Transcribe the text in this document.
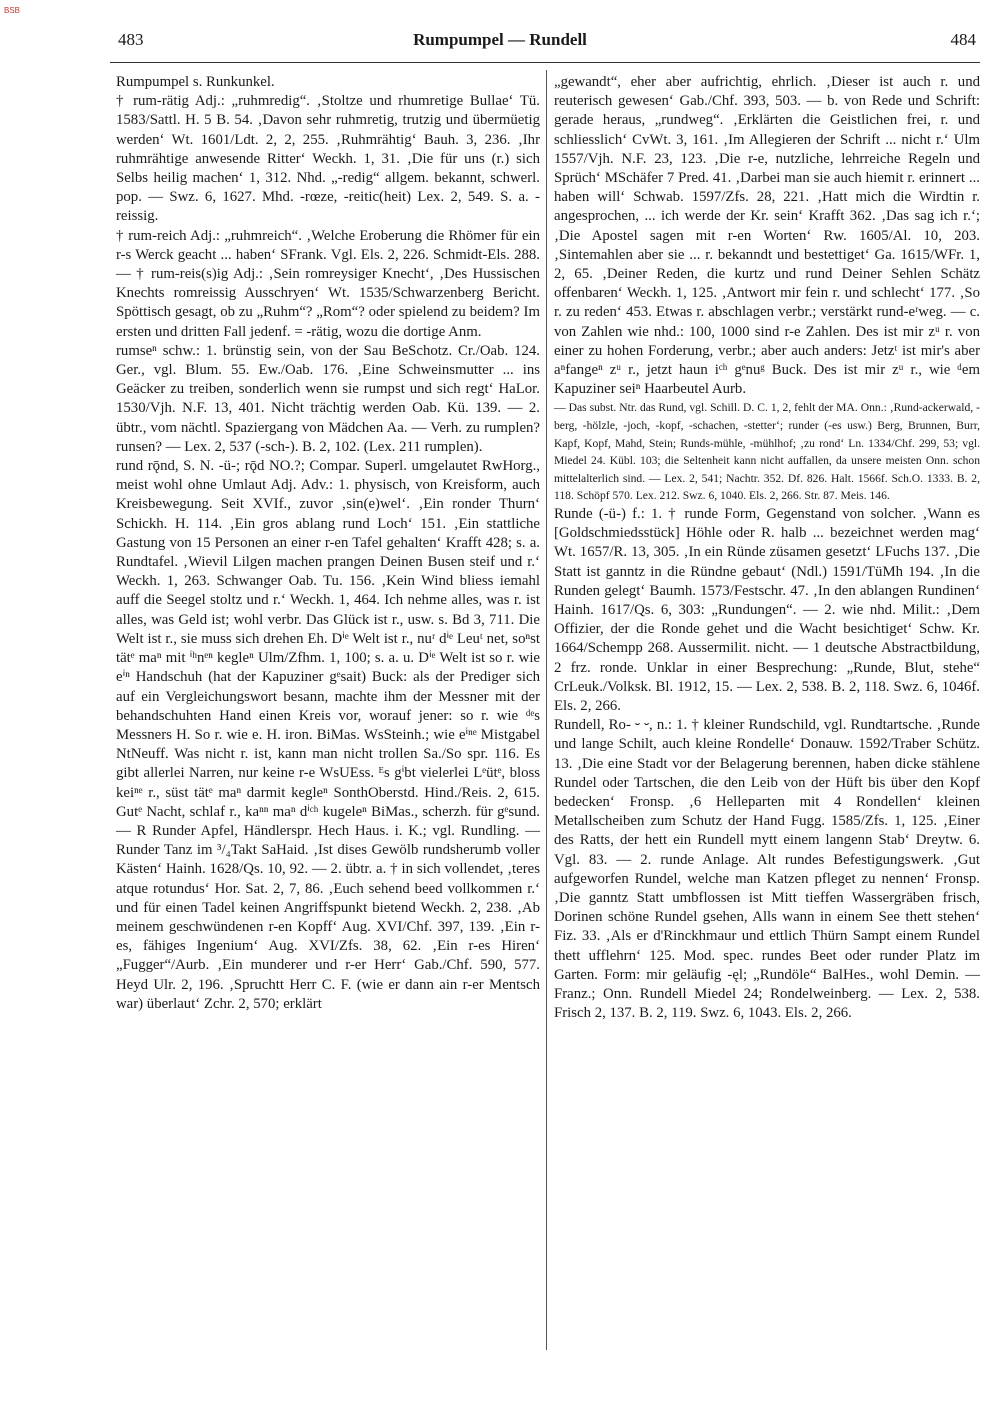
BSB
483	Rumpumpel — Rundell	484

Rumpumpel s. Runkunkel.

† rum-rätig Adj.: „ruhmredig“. ‚Stoltze und rhumretige Bullae‘ Tü. 1583/Sattl. H. 5 B. 54. ‚Davon sehr ruhmretig, trutzig und übermüetig werden‘ Wt. 1601/Ldt. 2, 2, 255. ‚Ruhmrähtig‘ Bauh. 3, 236. ‚Ihr ruhmrähtige anwesende Ritter‘ Weckh. 1, 31. ‚Die für uns (r.) sich Selbs heilig machen‘ 1, 312. Nhd. „-redig“ allgem. bekannt, schwerl. pop. — Swz. 6, 1627. Mhd. -rœze, -reitic(heit) Lex. 2, 549. S. a. -reissig.

† rum-reich Adj.: „ruhmreich“. ‚Welche Eroberung die Rhömer für ein r-s Werck geacht ... haben‘ SFrank. Vgl. Els. 2, 226. Schmidt-Els. 288. — † rum-reis(s)ig Adj.: ‚Sein romreysiger Knecht‘, ‚Des Hussischen Knechts romreissig Ausschryen‘ Wt. 1535/Schwarzenberg Bericht. Spöttisch gesagt, ob zu „Ruhm“? „Rom“? oder spielend zu beidem? Im ersten und dritten Fall jedenf. = -rätig, wozu die dortige Anm.

rumseⁿ schw.: 1. brünstig sein, von der Sau BeSchotz. Cr./Oab. 124. Ger., vgl. Blum. 55. Ew./Oab. 176. ‚Eine Schweinsmutter ... ins Geäcker zu treiben, sonderlich wenn sie rumpst und sich regt‘ HaLor. 1530/Vjh. N.F. 13, 401. Nicht trächtig werden Oab. Kü. 139. — 2. übtr., vom nächtl. Spaziergang von Mädchen Aa. — Verh. zu rumplen? runsen? — Lex. 2, 537 (-sch-). B. 2, 102. (Lex. 211 rumplen).

rund rǭnd, S. N. -ü-; rǭd NO.?; Compar. Superl. umgelautet RwHorg., meist wohl ohne Umlaut Adj. Adv.: 1. physisch, von Kreisform, auch Kreisbewegung. Seit XVIf., zuvor ‚sin(e)wel‘. ‚Ein ronder Thurn‘ Schickh. H. 114. ‚Ein gros ablang rund Loch‘ 151. ‚Ein stattliche Gastung von 15 Personen an einer r-en Tafel gehalten‘ Krafft 428; s. a. Rundtafel. ‚Wievil Lilgen machen prangen Deinen Busen steif und r.‘ Weckh. 1, 263. Schwanger Oab. Tu. 156. ‚Kein Wind bliess iemahl auff die Seegel stoltz und r.‘ Weckh. 1, 464. Ich nehme alles, was r. ist alles, was Geld ist; wohl verbr. Das Glück ist r., usw. s. Bd 3, 711. Die Welt ist r., sie muss sich drehen Eh. Dⁱᵉ Welt ist r., nuʳ dⁱᵉ Leuᵗ net, soⁿst tätᵉ maⁿ mit ⁱʰnᵉⁿ kegleⁿ Ulm/Zfhm. 1, 100; s. a. u. Dⁱᵉ Welt ist so r. wie eⁱⁿ Handschuh (hat der Kapuziner gᵉsait) Buck: als der Prediger sich auf ein Vergleichungswort besann, machte ihm der Messner mit der behandschuhten Hand einen Kreis vor, worauf jener: so r. wie ᵈᵉs Messners H. So r. wie e. H. iron. BiMas. WsSteinh.; wie eⁱⁿᵉ Mistgabel NtNeuff. Was nicht r. ist, kann man nicht trollen Sa./So spr. 116. Es gibt allerlei Narren, nur keine r-e WsUEss. ᴱs gⁱbt vielerlei Lᵉütᵉ, bloss keiⁿᵉ r., süst tätᵉ maⁿ darmit kegleⁿ SonthOberstd. Hind./Reis. 2, 615. Gutᵉ Nacht, schlaf r., kaⁿⁿ maⁿ dⁱᶜʰ kugeleⁿ BiMas., scherzh. für gᵉsund. — R Runder Apfel, Händlerspr. Hech Haus. i. K.; vgl. Rundling. — Runder Tanz im ³/₄Takt SaHaid. ‚Ist dises Gewölb rundsherumb voller Kästen‘ Hainh. 1628/Qs. 10, 92. — 2. übtr. a. † in sich vollendet, ‚teres atque rotundus‘ Hor. Sat. 2, 7, 86. ‚Euch sehend beed vollkommen r.‘ und für einen Tadel keinen Angriffspunkt bietend Weckh. 2, 238. ‚Ab meinem geschwündenen r-en Kopff‘ Aug. XVI/Chf. 397, 139. ‚Ein r-es, fähiges Ingenium‘ Aug. XVI/Zfs. 38, 62. ‚Ein r-es Hiren‘ „Fugger“/Aurb. ‚Ein munderer und r-er Herr‘ Gab./Chf. 590, 577. Heyd Ulr. 2, 196. ‚Spruchtt Herr C. F. (wie er dann ain r-er Mentsch war) überlaut‘ Zchr. 2, 570; erklärt

„gewandt“, eher aber aufrichtig, ehrlich. ‚Dieser ist auch r. und reuterisch gewesen‘ Gab./Chf. 393, 503. — b. von Rede und Schrift: gerade heraus, „rundweg“. ‚Erklärten die Geistlichen frei, r. und schliesslich‘ CvWt. 3, 161. ‚Im Allegieren der Schrift ... nicht r.‘ Ulm 1557/Vjh. N.F. 23, 123. ‚Die r-e, nutzliche, lehrreiche Regeln und Sprüch‘ MSchäfer 7 Pred. 41. ‚Darbei man sie auch hiemit r. erinnert ... haben will‘ Schwab. 1597/Zfs. 28, 221. ‚Hatt mich die Wirdtin r. angesprochen, ... ich werde der Kr. sein‘ Krafft 362. ‚Das sag ich r.‘; ‚Die Apostel sagen mit r-en Worten‘ Rw. 1605/Al. 10, 203. ‚Sintemahlen aber sie ... r. bekanndt und bestettiget‘ Ga. 1615/WFr. 1, 2, 65. ‚Deiner Reden, die kurtz und rund Deiner Sehlen Schätz offenbaren‘ Weckh. 1, 125. ‚Antwort mir fein r. und schlecht‘ 177. ‚So r. zu reden‘ 453. Etwas r. abschlagen verbr.; verstärkt rund-eʳweg. — c. von Zahlen wie nhd.: 100, 1000 sind r-e Zahlen. Des ist mir zᵘ r. von einer zu hohen Forderung, verbr.; aber auch anders: Jetzᵗ ist mir's aber aⁿfangeⁿ zᵘ r., jetzt haun iᶜʰ gᵉnuᵍ Buck. Des ist mir zᵘ r., wie ᵈem Kapuziner seiⁿ Haarbeutel Aurb.

— Das subst. Ntr. das Rund, vgl. Schill. D. C. 1, 2, fehlt der MA. Onn.: ‚Rund-ackerwald, -berg, -hölzle, -joch, -kopf, -schachen, -stetter‘; runder (-es usw.) Berg, Brunnen, Burr, Kapf, Kopf, Mahd, Stein; Runds-mühle, -mühlhof; ‚zu rond‘ Ln. 1334/Chf. 299, 53; vgl. Miedel 24. Kübl. 103; die Seltenheit kann nicht auffallen, da unsere meisten Onn. schon mittelalterlich sind. — Lex. 2, 541; Nachtr. 352. Df. 826. Halt. 1566f. Sch.O. 1333. B. 2, 118. Schöpf 570. Lex. 212. Swz. 6, 1040. Els. 2, 266. Str. 87. Meis. 146.

Runde (-ü-) f.: 1. † runde Form, Gegenstand von solcher. ‚Wann es [Goldschmiedsstück] Höhle oder R. halb ... bezeichnet werden mag‘ Wt. 1657/R. 13, 305. ‚In ein Ründe züsamen gesetzt‘ LFuchs 137. ‚Die Statt ist ganntz in die Ründne gebaut‘ (Ndl.) 1591/TüMh 194. ‚In die Runden gelegt‘ Baumh. 1573/Festschr. 47. ‚In den ablangen Rundinen‘ Hainh. 1617/Qs. 6, 303: „Rundungen“. — 2. wie nhd. Milit.: ‚Dem Offizier, der die Ronde gehet und die Wacht besichtiget‘ Schw. Kr. 1664/Schempp 268. Aussermilit. nicht. — 1 deutsche Abstractbildung, 2 frz. ronde. Unklar in einer Besprechung: „Runde, Blut, stehe“ CrLeuk./Volksk. Bl. 1912, 15. — Lex. 2, 538. B. 2, 118. Swz. 6, 1046f. Els. 2, 266.

Rundell, Ro- ⏑ ⏑, n.: 1. † kleiner Rundschild, vgl. Rundtartsche. ‚Runde und lange Schilt, auch kleine Rondelle‘ Donauw. 1592/Traber Schütz. 13. ‚Die eine Stadt vor der Belagerung berennen, haben dicke stählene Rundel oder Tartschen, die den Leib von der Hüft bis über den Kopf bedecken‘ Fronsp. ‚6 Helleparten mit 4 Rondellen‘ kleinen Metallscheiben zum Schutz der Hand Fugg. 1585/Zfs. 1, 125. ‚Einer des Ratts, der hett ein Rundell mytt einem langenn Stab‘ Dreytw. 6. Vgl. 83. — 2. runde Anlage. Alt rundes Befestigungswerk. ‚Gut aufgeworfen Rundel, welche man Katzen pfleget zu nennen‘ Fronsp. ‚Die ganntz Statt umbflossen ist Mitt tieffen Wassergräben frisch, Dorinen schöne Rundel gsehen, Alls wann in einem See thett stehen‘ Fiz. 33. ‚Als er d'Rinckhmaur und ettlich Thürn Sampt einem Rundel thett ufflehrn‘ 125. Mod. spec. rundes Beet oder runder Platz im Garten. Form: mir geläufig -ęl; „Rundöle“ BalHes., wohl Demin. — Franz.; Onn. Rundell Miedel 24; Rondelweinberg. — Lex. 2, 538. Frisch 2, 137. B. 2, 119. Swz. 6, 1043. Els. 2, 266.
